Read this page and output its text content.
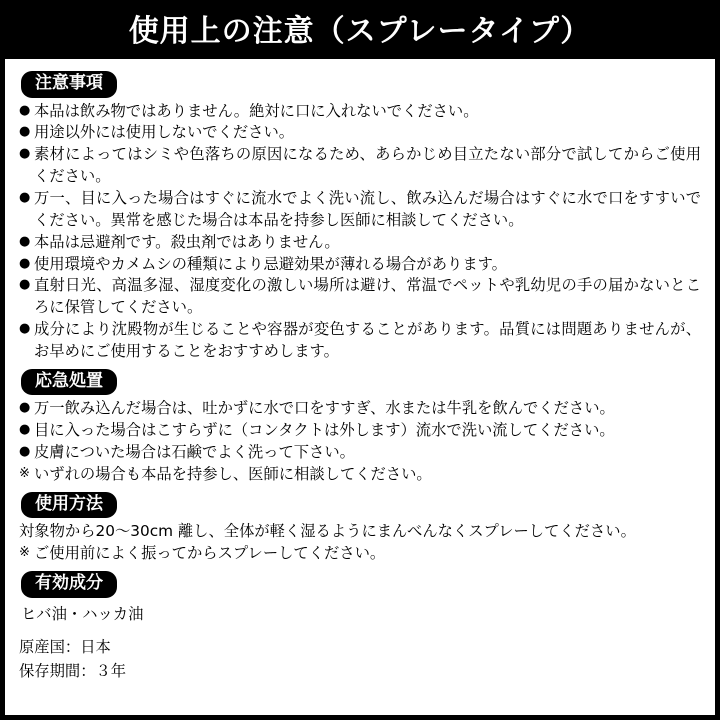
使用上の注意（スプレータイプ）
注意事項
● 本品は飲み物ではありません。絶対に口に入れないでください。
● 用途以外には使用しないでください。
● 素材によってはシミや色落ちの原因になるため、あらかじめ目立たない部分で試してからご使用ください。
● 万一、目に入った場合はすぐに流水でよく洗い流し、飲み込んだ場合はすぐに水で口をすすいでください。異常を感じた場合は本品を持参し医師に相談してください。
● 本品は忌避剤です。殺虫剤ではありません。
● 使用環境やカメムシの種類により忌避効果が薄れる場合があります。
● 直射日光、高温多湿、湿度変化の激しい場所は避け、常温でペットや乳幼児の手の届かないところに保管してください。
● 成分により沈殿物が生じることや容器が変色することがあります。品質には問題ありませんが、お早めにご使用することをおすすめします。
応急処置
● 万一飲み込んだ場合は、吐かずに水で口をすすぎ、水または牛乳を飲んでください。
● 目に入った場合はこすらずに（コンタクトは外します）流水で洗い流してください。
● 皮膚についた場合は石鹸でよく洗って下さい。
※ いずれの場合も本品を持参し、医師に相談してください。
使用方法
対象物から20〜30cm 離し、全体が軽く湿るようにまんべんなくスプレーしてください。
※ ご使用前によく振ってからスプレーしてください。
有効成分
ヒバ油・ハッカ油
原産国：日本
保存期間：３年
